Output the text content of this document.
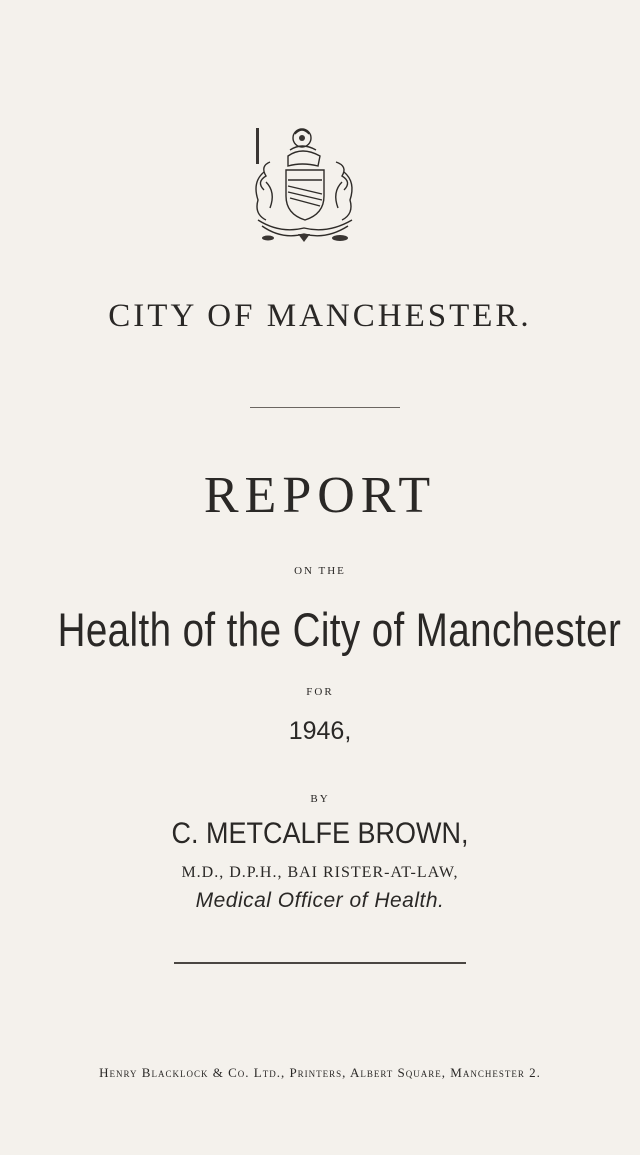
CITY OF MANCHESTER.
REPORT
ON THE
Health of the City of Manchester
FOR
1946,
BY
C. METCALFE BROWN,
M.D., D.P.H., BAI RISTER-AT-LAW,
Medical Officer of Health.
Henry Blacklock & Co. Ltd., Printers, Albert Square, Manchester 2.
